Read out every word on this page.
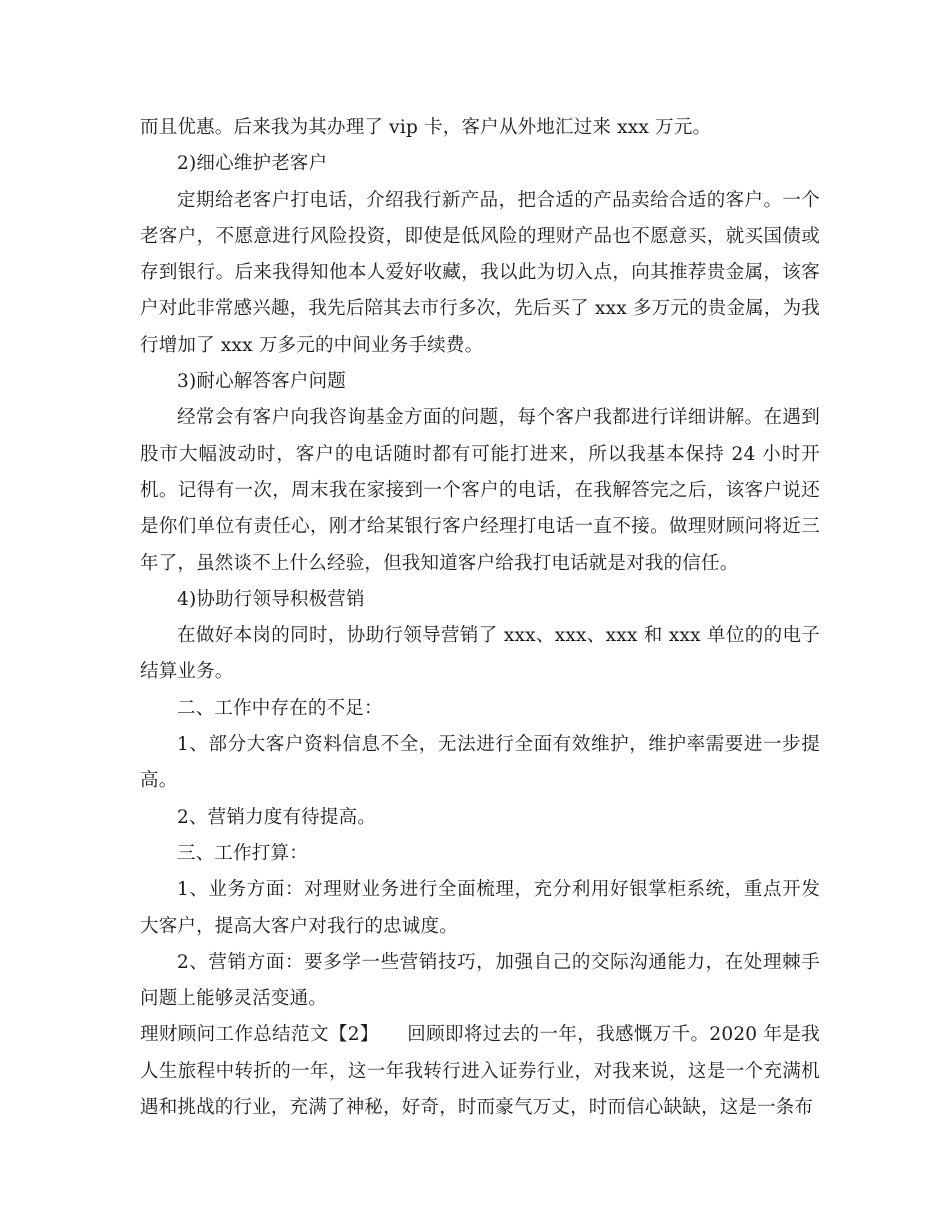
而且优惠。后来我为其办理了 vip 卡，客户从外地汇过来 xxx 万元。

2)细心维护老客户

定期给老客户打电话，介绍我行新产品，把合适的产品卖给合适的客户。一个老客户，不愿意进行风险投资，即使是低风险的理财产品也不愿意买，就买国债或存到银行。后来我得知他本人爱好收藏，我以此为切入点，向其推荐贵金属，该客户对此非常感兴趣，我先后陪其去市行多次，先后买了 xxx 多万元的贵金属，为我行增加了 xxx 万多元的中间业务手续费。

3)耐心解答客户问题

经常会有客户向我咨询基金方面的问题，每个客户我都进行详细讲解。在遇到股市大幅波动时，客户的电话随时都有可能打进来，所以我基本保持 24 小时开机。记得有一次，周末我在家接到一个客户的电话，在我解答完之后，该客户说还是你们单位有责任心，刚才给某银行客户经理打电话一直不接。做理财顾问将近三年了，虽然谈不上什么经验，但我知道客户给我打电话就是对我的信任。

4)协助行领导积极营销

在做好本岗的同时，协助行领导营销了 xxx、xxx、xxx 和 xxx 单位的的电子结算业务。

二、工作中存在的不足：

1、部分大客户资料信息不全，无法进行全面有效维护，维护率需要进一步提高。

2、营销力度有待提高。

三、工作打算：

1、业务方面：对理财业务进行全面梳理，充分利用好银掌柜系统，重点开发大客户，提高大客户对我行的忠诚度。

2、营销方面：要多学一些营销技巧，加强自己的交际沟通能力，在处理棘手问题上能够灵活变通。

理财顾问工作总结范文【2】　　回顾即将过去的一年，我感慨万千。2020 年是我人生旅程中转折的一年，这一年我转行进入证券行业，对我来说，这是一个充满机遇和挑战的行业，充满了神秘，好奇，时而豪气万丈，时而信心缺缺，这是一条布
